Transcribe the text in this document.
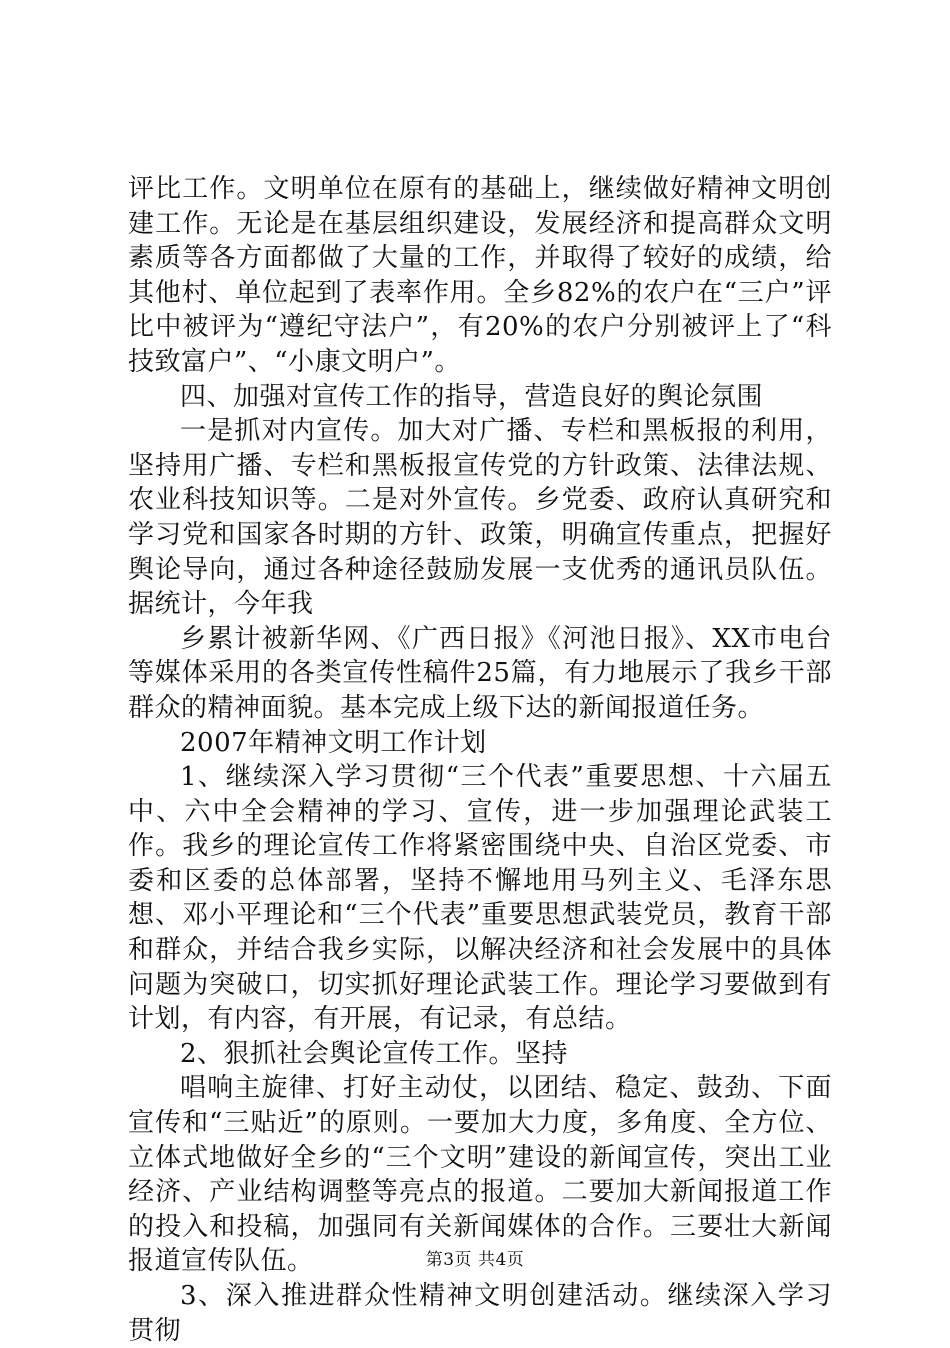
评比工作。文明单位在原有的基础上，继续做好精神文明创建工作。无论是在基层组织建设，发展经济和提高群众文明素质等各方面都做了大量的工作，并取得了较好的成绩，给其他村、单位起到了表率作用。全乡82%的农户在“三户”评比中被评为“遵纪守法户”，有20%的农户分别被评上了“科技致富户”、“小康文明户”。

四、加强对宣传工作的指导，营造良好的舆论氛围

一是抓对内宣传。加大对广播、专栏和黑板报的利用，坚持用广播、专栏和黑板报宣传党的方针政策、法律法规、农业科技知识等。二是对外宣传。乡党委、政府认真研究和学习党和国家各时期的方针、政策，明确宣传重点，把握好舆论导向，通过各种途径鼓励发展一支优秀的通讯员队伍。据统计，今年我

乡累计被新华网、《广西日报》《河池日报》、XX市电台等媒体采用的各类宣传性稿件25篇，有力地展示了我乡干部群众的精神面貌。基本完成上级下达的新闻报道任务。

2007年精神文明工作计划

1、继续深入学习贯彻“三个代表”重要思想、十六届五中、六中全会精神的学习、宣传，进一步加强理论武装工作。我乡的理论宣传工作将紧密围绕中央、自治区党委、市委和区委的总体部署，坚持不懈地用马列主义、毛泽东思想、邓小平理论和“三个代表”重要思想武装党员，教育干部和群众，并结合我乡实际，以解决经济和社会发展中的具体问题为突破口，切实抓好理论武装工作。理论学习要做到有计划，有内容，有开展，有记录，有总结。

2、狠抓社会舆论宣传工作。坚持

唱响主旋律、打好主动仗，以团结、稳定、鼓劲、下面宣传和“三贴近”的原则。一要加大力度，多角度、全方位、立体式地做好全乡的“三个文明”建设的新闻宣传，突出工业经济、产业结构调整等亮点的报道。二要加大新闻报道工作的投入和投稿，加强同有关新闻媒体的合作。三要壮大新闻报道宣传队伍。

3、深入推进群众性精神文明创建活动。继续深入学习贯彻

第3页 共4页
